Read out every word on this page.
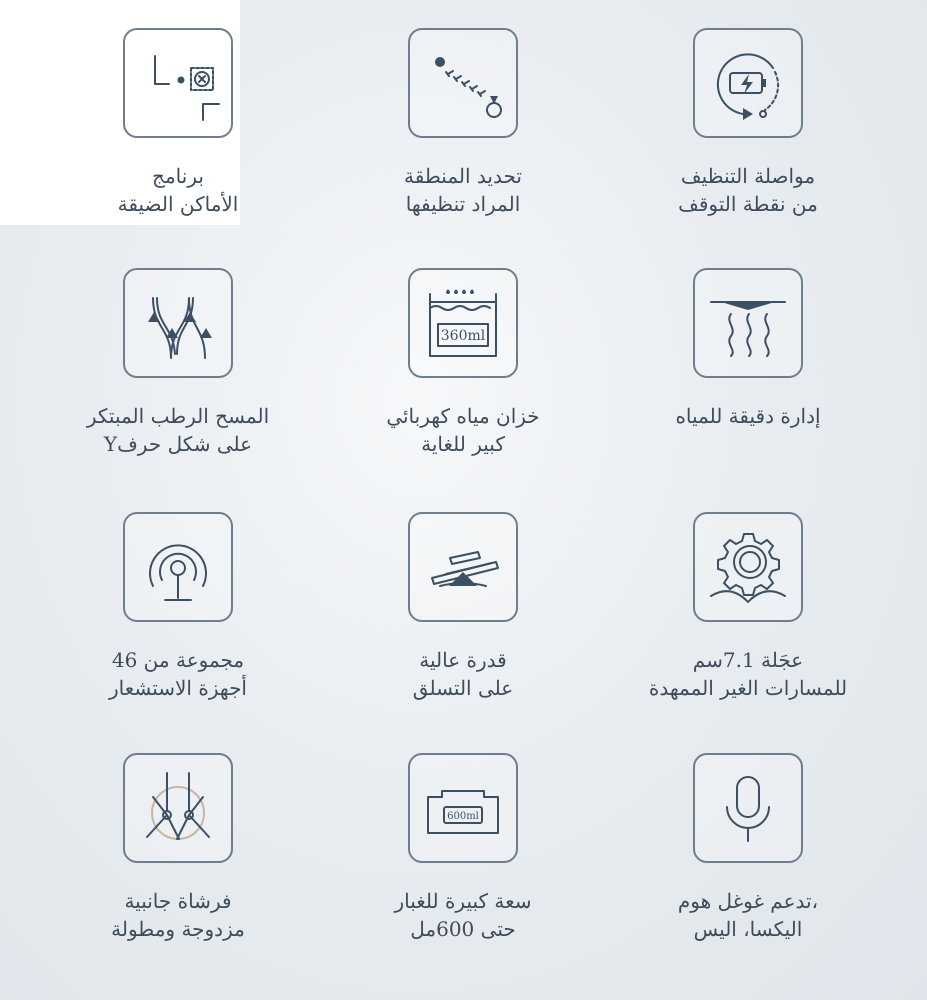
برنامج
الأماكن الضيقة
تحديد المنطقة
المراد تنظيفها
مواصلة التنظيف
من نقطة التوقف
المسح الرطب المبتكر
على شكل حرفY
360ml
خزان مياه كهربائي
كبير للغاية
إدارة دقيقة للمياه
مجموعة من 46
أجهزة الاستشعار
قدرة عالية
على التسلق
عجَلة 7.1سم
للمسارات الغير الممهدة
فرشاة جانبية
مزدوجة ومطولة
600ml
سعة كبيرة للغبار
حتى 600مل
،تدعم غوغل هوم
اليكسا، اليس
